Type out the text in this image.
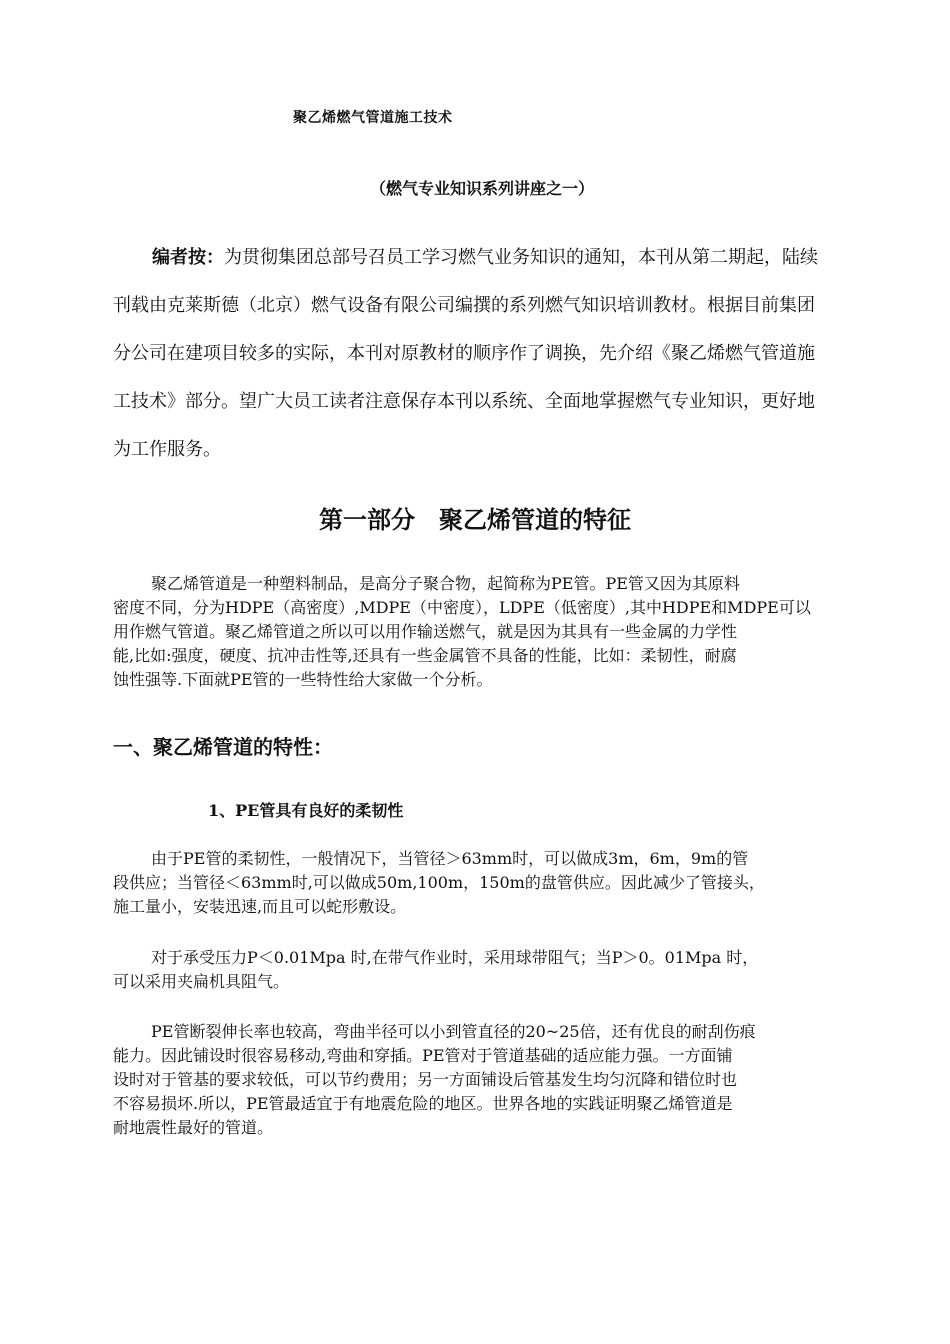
聚乙烯燃气管道施工技术
（燃气专业知识系列讲座之一）
编者按：为贯彻集团总部号召员工学习燃气业务知识的通知，本刊从第二期起，陆续
刊载由克莱斯德（北京）燃气设备有限公司编撰的系列燃气知识培训教材。根据目前集团
分公司在建项目较多的实际，本刊对原教材的顺序作了调换，先介绍《聚乙烯燃气管道施
工技术》部分。望广大员工读者注意保存本刊以系统、全面地掌握燃气专业知识，更好地
为工作服务。
第一部分　聚乙烯管道的特征
聚乙烯管道是一种塑料制品，是高分子聚合物，起简称为PE管。PE管又因为其原料
密度不同，分为HDPE（高密度）,MDPE（中密度），LDPE（低密度）,其中HDPE和MDPE可以
用作燃气管道。聚乙烯管道之所以可以用作输送燃气，就是因为其具有一些金属的力学性
能,比如:强度，硬度、抗冲击性等,还具有一些金属管不具备的性能，比如：柔韧性，耐腐
蚀性强等.下面就PE管的一些特性给大家做一个分析。
一、聚乙烯管道的特性：
1、PE管具有良好的柔韧性
由于PE管的柔韧性，一般情况下，当管径＞63mm时，可以做成3m，6m，9m的管
段供应；当管径＜63mm时,可以做成50m,100m，150m的盘管供应。因此减少了管接头，
施工量小，安装迅速,而且可以蛇形敷设。
对于承受压力P＜0.01Mpa 时,在带气作业时，采用球带阻气；当P＞0。01Mpa 时，
可以采用夹扁机具阻气。
PE管断裂伸长率也较高，弯曲半径可以小到管直径的20~25倍，还有优良的耐刮伤痕
能力。因此铺设时很容易移动,弯曲和穿插。PE管对于管道基础的适应能力强。一方面铺
设时对于管基的要求较低，可以节约费用；另一方面铺设后管基发生均匀沉降和错位时也
不容易损坏.所以，PE管最适宜于有地震危险的地区。世界各地的实践证明聚乙烯管道是
耐地震性最好的管道。
